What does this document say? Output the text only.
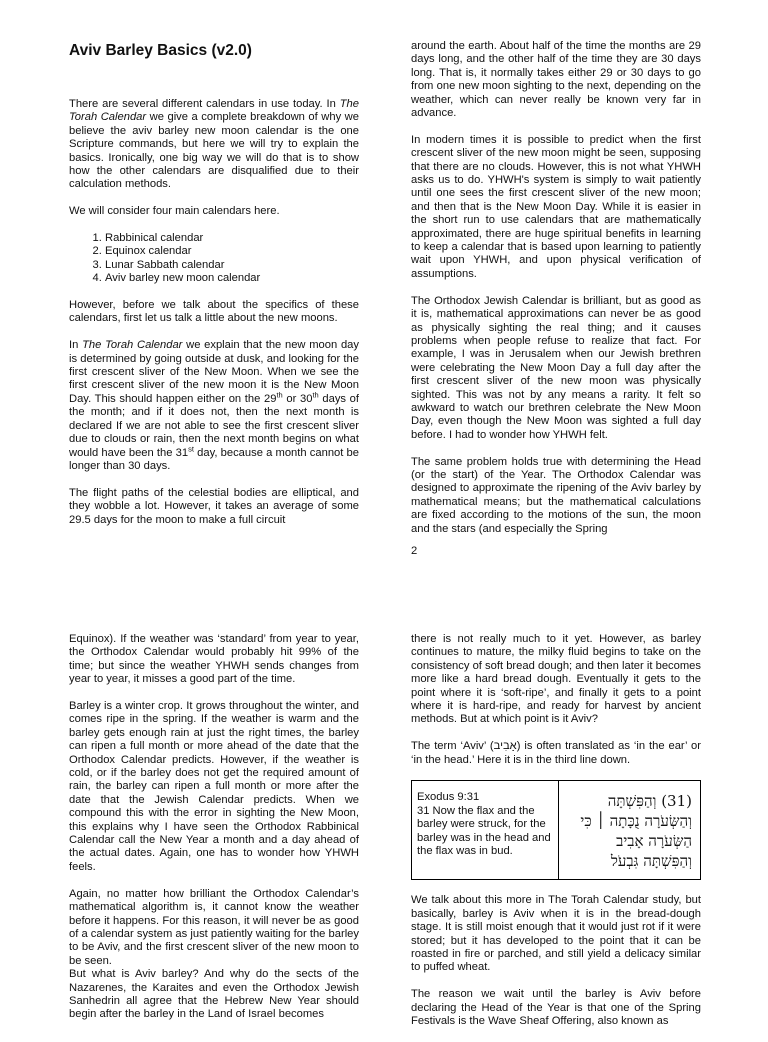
Aviv Barley Basics (v2.0)

There are several different calendars in use today. In The Torah Calendar we give a complete breakdown of why we believe the aviv barley new moon calendar is the one Scripture commands, but here we will try to explain the basics. Ironically, one big way we will do that is to show how the other calendars are disqualified due to their calculation methods.

We will consider four main calendars here.

1. Rabbinical calendar
2. Equinox calendar
3. Lunar Sabbath calendar
4. Aviv barley new moon calendar

However, before we talk about the specifics of these calendars, first let us talk a little about the new moons.

In The Torah Calendar we explain that the new moon day is determined by going outside at dusk, and looking for the first crescent sliver of the New Moon. When we see the first crescent sliver of the new moon it is the New Moon Day. This should happen either on the 29th or 30th days of the month; and if it does not, then the next month is declared If we are not able to see the first crescent sliver due to clouds or rain, then the next month begins on what would have been the 31st day, because a month cannot be longer than 30 days.

The flight paths of the celestial bodies are elliptical, and they wobble a lot. However, it takes an average of some 29.5 days for the moon to make a full circuit

around the earth. About half of the time the months are 29 days long, and the other half of the time they are 30 days long. That is, it normally takes either 29 or 30 days to go from one new moon sighting to the next, depending on the weather, which can never really be known very far in advance.

In modern times it is possible to predict when the first crescent sliver of the new moon might be seen, supposing that there are no clouds. However, this is not what YHWH asks us to do. YHWH's system is simply to wait patiently until one sees the first crescent sliver of the new moon; and then that is the New Moon Day. While it is easier in the short run to use calendars that are mathematically approximated, there are huge spiritual benefits in learning to keep a calendar that is based upon learning to patiently wait upon YHWH, and upon physical verification of assumptions.

The Orthodox Jewish Calendar is brilliant, but as good as it is, mathematical approximations can never be as good as physically sighting the real thing; and it causes problems when people refuse to realize that fact. For example, I was in Jerusalem when our Jewish brethren were celebrating the New Moon Day a full day after the first crescent sliver of the new moon was physically sighted. This was not by any means a rarity. It felt so awkward to watch our brethren celebrate the New Moon Day, even though the New Moon was sighted a full day before. I had to wonder how YHWH felt.

The same problem holds true with determining the Head (or the start) of the Year. The Orthodox Calendar was designed to approximate the ripening of the Aviv barley by mathematical means; but the mathematical calculations are fixed according to the motions of the sun, the moon and the stars (and especially the Spring

2

Equinox). If the weather was ‘standard’ from year to year, the Orthodox Calendar would probably hit 99% of the time; but since the weather YHWH sends changes from year to year, it misses a good part of the time.

Barley is a winter crop. It grows throughout the winter, and comes ripe in the spring. If the weather is warm and the barley gets enough rain at just the right times, the barley can ripen a full month or more ahead of the date that the Orthodox Calendar predicts. However, if the weather is cold, or if the barley does not get the required amount of rain, the barley can ripen a full month or more after the date that the Jewish Calendar predicts. When we compound this with the error in sighting the New Moon, this explains why I have seen the Orthodox Rabbinical Calendar call the New Year a month and a day ahead of the actual dates. Again, one has to wonder how YHWH feels.

Again, no matter how brilliant the Orthodox Calendar’s mathematical algorithm is, it cannot know the weather before it happens. For this reason, it will never be as good of a calendar system as just patiently waiting for the barley to be Aviv, and the first crescent sliver of the new moon to be seen.

But what is Aviv barley? And why do the sects of the Nazarenes, the Karaites and even the Orthodox Jewish Sanhedrin all agree that the Hebrew New Year should begin after the barley in the Land of Israel becomes

there is not really much to it yet. However, as barley continues to mature, the milky fluid begins to take on the consistency of soft bread dough; and then later it becomes more like a hard bread dough. Eventually it gets to the point where it is ‘soft-ripe’, and finally it gets to a point where it is hard-ripe, and ready for harvest by ancient methods. But at which point is it Aviv?

The term ‘Aviv’ (אָבִיב) is often translated as ‘in the ear’ or ‘in the head.’ Here it is in the third line down.

Exodus 9:31
31 Now the flax and the barley were struck, for the barley was in the head and the flax was in bud.
(31) וְהַפִּשְׁתָּה
וְהַשְּׂעֹרָה נֻכָּתָה ׀ כִּי
הַשְּׂעֹרָה אָבִיב
וְהַפִּשְׁתָּה גִּבְעֹל

We talk about this more in The Torah Calendar study, but basically, barley is Aviv when it is in the bread-dough stage. It is still moist enough that it would just rot if it were stored; but it has developed to the point that it can be roasted in fire or parched, and still yield a delicacy similar to puffed wheat.

The reason we wait until the barley is Aviv before declaring the Head of the Year is that one of the Spring Festivals is the Wave Sheaf Offering, also known as
